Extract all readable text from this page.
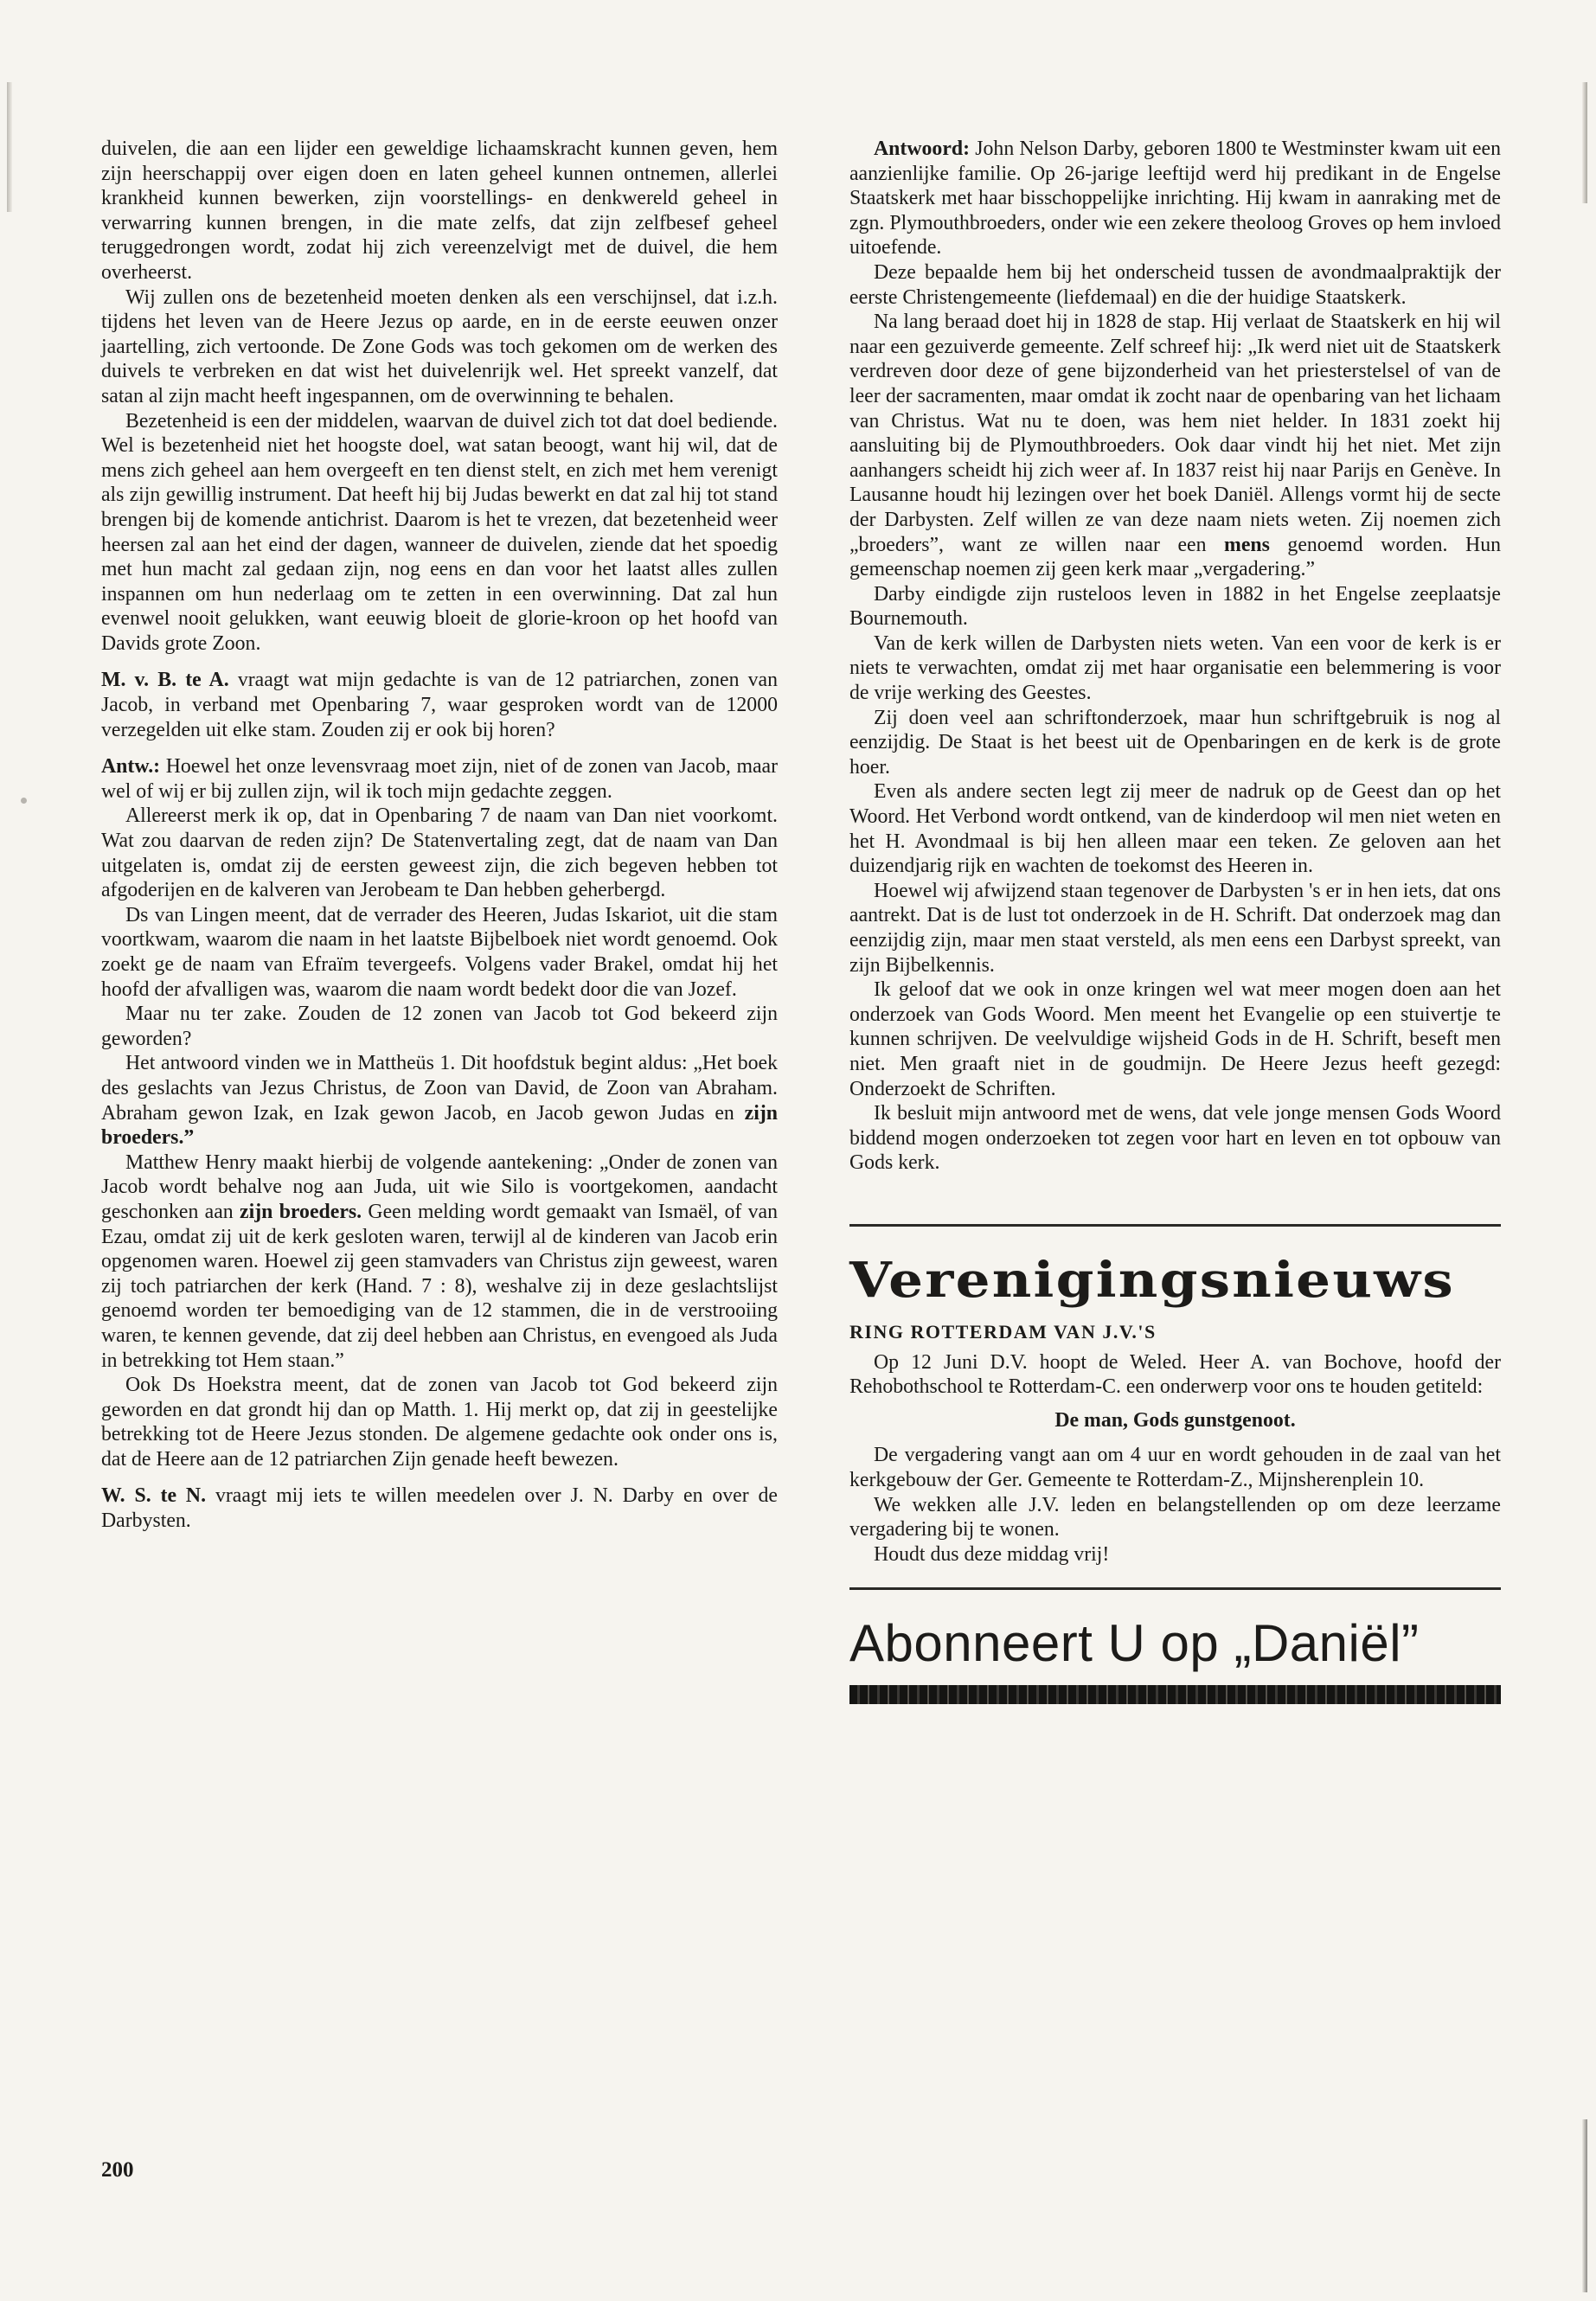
duivelen, die aan een lijder een geweldige lichaamskracht kunnen geven, hem zijn heerschappij over eigen doen en laten geheel kunnen ontnemen, allerlei krankheid kunnen bewerken, zijn voorstellings- en denkwereld geheel in verwarring kunnen brengen, in die mate zelfs, dat zijn zelfbesef geheel teruggedrongen wordt, zodat hij zich vereenzelvigt met de duivel, die hem overheerst.

Wij zullen ons de bezetenheid moeten denken als een verschijnsel, dat i.z.h. tijdens het leven van de Heere Jezus op aarde, en in de eerste eeuwen onzer jaartelling, zich vertoonde. De Zone Gods was toch gekomen om de werken des duivels te verbreken en dat wist het duivelenrijk wel. Het spreekt vanzelf, dat satan al zijn macht heeft ingespannen, om de overwinning te behalen.

Bezetenheid is een der middelen, waarvan de duivel zich tot dat doel bediende. Wel is bezetenheid niet het hoogste doel, wat satan beoogt, want hij wil, dat de mens zich geheel aan hem overgeeft en ten dienst stelt, en zich met hem verenigt als zijn gewillig instrument. Dat heeft hij bij Judas bewerkt en dat zal hij tot stand brengen bij de komende antichrist. Daarom is het te vrezen, dat bezetenheid weer heersen zal aan het eind der dagen, wanneer de duivelen, ziende dat het spoedig met hun macht zal gedaan zijn, nog eens en dan voor het laatst alles zullen inspannen om hun nederlaag om te zetten in een overwinning. Dat zal hun evenwel nooit gelukken, want eeuwig bloeit de glorie-kroon op het hoofd van Davids grote Zoon.

M. v. B. te A. vraagt wat mijn gedachte is van de 12 patriarchen, zonen van Jacob, in verband met Openbaring 7, waar gesproken wordt van de 12000 verzegelden uit elke stam. Zouden zij er ook bij horen?

Antw.: Hoewel het onze levensvraag moet zijn, niet of de zonen van Jacob, maar wel of wij er bij zullen zijn, wil ik toch mijn gedachte zeggen.

Allereerst merk ik op, dat in Openbaring 7 de naam van Dan niet voorkomt. Wat zou daarvan de reden zijn? De Statenvertaling zegt, dat de naam van Dan uitgelaten is, omdat zij de eersten geweest zijn, die zich begeven hebben tot afgoderijen en de kalveren van Jerobeam te Dan hebben geherbergd.

Ds van Lingen meent, dat de verrader des Heeren, Judas Iskariot, uit die stam voortkwam, waarom die naam in het laatste Bijbelboek niet wordt genoemd. Ook zoekt ge de naam van Efraïm tevergeefs. Volgens vader Brakel, omdat hij het hoofd der afvalligen was, waarom die naam wordt bedekt door die van Jozef.

Maar nu ter zake. Zouden de 12 zonen van Jacob tot God bekeerd zijn geworden?

Het antwoord vinden we in Mattheüs 1. Dit hoofdstuk begint aldus: „Het boek des geslachts van Jezus Christus, de Zoon van David, de Zoon van Abraham. Abraham gewon Izak, en Izak gewon Jacob, en Jacob gewon Judas en zijn broeders.”

Matthew Henry maakt hierbij de volgende aantekening: „Onder de zonen van Jacob wordt behalve nog aan Juda, uit wie Silo is voortgekomen, aandacht geschonken aan zijn broeders. Geen melding wordt gemaakt van Ismaël, of van Ezau, omdat zij uit de kerk gesloten waren, terwijl al de kinderen van Jacob erin opgenomen waren. Hoewel zij geen stamvaders van Christus zijn geweest, waren zij toch patriarchen der kerk (Hand. 7 : 8), weshalve zij in deze geslachtslijst genoemd worden ter bemoediging van de 12 stammen, die in de verstrooiing waren, te kennen gevende, dat zij deel hebben aan Christus, en evengoed als Juda in betrekking tot Hem staan.”

Ook Ds Hoekstra meent, dat de zonen van Jacob tot God bekeerd zijn geworden en dat grondt hij dan op Matth. 1. Hij merkt op, dat zij in geestelijke betrekking tot de Heere Jezus stonden. De algemene gedachte ook onder ons is, dat de Heere aan de 12 patriarchen Zijn genade heeft bewezen.

W. S. te N. vraagt mij iets te willen meedelen over J. N. Darby en over de Darbysten.

Antwoord: John Nelson Darby, geboren 1800 te Westminster kwam uit een aanzienlijke familie. Op 26-jarige leeftijd werd hij predikant in de Engelse Staatskerk met haar bisschoppelijke inrichting. Hij kwam in aanraking met de zgn. Plymouthbroeders, onder wie een zekere theoloog Groves op hem invloed uitoefende.

Deze bepaalde hem bij het onderscheid tussen de avondmaalpraktijk der eerste Christengemeente (liefdemaal) en die der huidige Staatskerk.

Na lang beraad doet hij in 1828 de stap. Hij verlaat de Staatskerk en hij wil naar een gezuiverde gemeente. Zelf schreef hij: „Ik werd niet uit de Staatskerk verdreven door deze of gene bijzonderheid van het priesterstelsel of van de leer der sacramenten, maar omdat ik zocht naar de openbaring van het lichaam van Christus. Wat nu te doen, was hem niet helder. In 1831 zoekt hij aansluiting bij de Plymouthbroeders. Ook daar vindt hij het niet. Met zijn aanhangers scheidt hij zich weer af. In 1837 reist hij naar Parijs en Genève. In Lausanne houdt hij lezingen over het boek Daniël. Allengs vormt hij de secte der Darbysten. Zelf willen ze van deze naam niets weten. Zij noemen zich „broeders”, want ze willen naar een mens genoemd worden. Hun gemeenschap noemen zij geen kerk maar „vergadering.”

Darby eindigde zijn rusteloos leven in 1882 in het Engelse zeeplaatsje Bournemouth.

Van de kerk willen de Darbysten niets weten. Van een voor de kerk is er niets te verwachten, omdat zij met haar organisatie een belemmering is voor de vrije werking des Geestes.

Zij doen veel aan schriftonderzoek, maar hun schriftgebruik is nog al eenzijdig. De Staat is het beest uit de Openbaringen en de kerk is de grote hoer.

Even als andere secten legt zij meer de nadruk op de Geest dan op het Woord. Het Verbond wordt ontkend, van de kinderdoop wil men niet weten en het H. Avondmaal is bij hen alleen maar een teken. Ze geloven aan het duizendjarig rijk en wachten de toekomst des Heeren in.

Hoewel wij afwijzend staan tegenover de Darbysten 's er in hen iets, dat ons aantrekt. Dat is de lust tot onderzoek in de H. Schrift. Dat onderzoek mag dan eenzijdig zijn, maar men staat versteld, als men eens een Darbyst spreekt, van zijn Bijbelkennis.

Ik geloof dat we ook in onze kringen wel wat meer mogen doen aan het onderzoek van Gods Woord. Men meent het Evangelie op een stuivertje te kunnen schrijven. De veelvuldige wijsheid Gods in de H. Schrift, beseft men niet. Men graaft niet in de goudmijn. De Heere Jezus heeft gezegd: Onderzoekt de Schriften.

Ik besluit mijn antwoord met de wens, dat vele jonge mensen Gods Woord biddend mogen onderzoeken tot zegen voor hart en leven en tot opbouw van Gods kerk.

Verenigingsnieuws

RING ROTTERDAM VAN J.V.'S

Op 12 Juni D.V. hoopt de Weled. Heer A. van Bochove, hoofd der Rehobothschool te Rotterdam-C. een onderwerp voor ons te houden getiteld:

De man, Gods gunstgenoot.

De vergadering vangt aan om 4 uur en wordt gehouden in de zaal van het kerkgebouw der Ger. Gemeente te Rotterdam-Z., Mijnsherenplein 10.

We wekken alle J.V. leden en belangstellenden op om deze leerzame vergadering bij te wonen.

Houdt dus deze middag vrij!

Abonneert U op „Daniël”
200
